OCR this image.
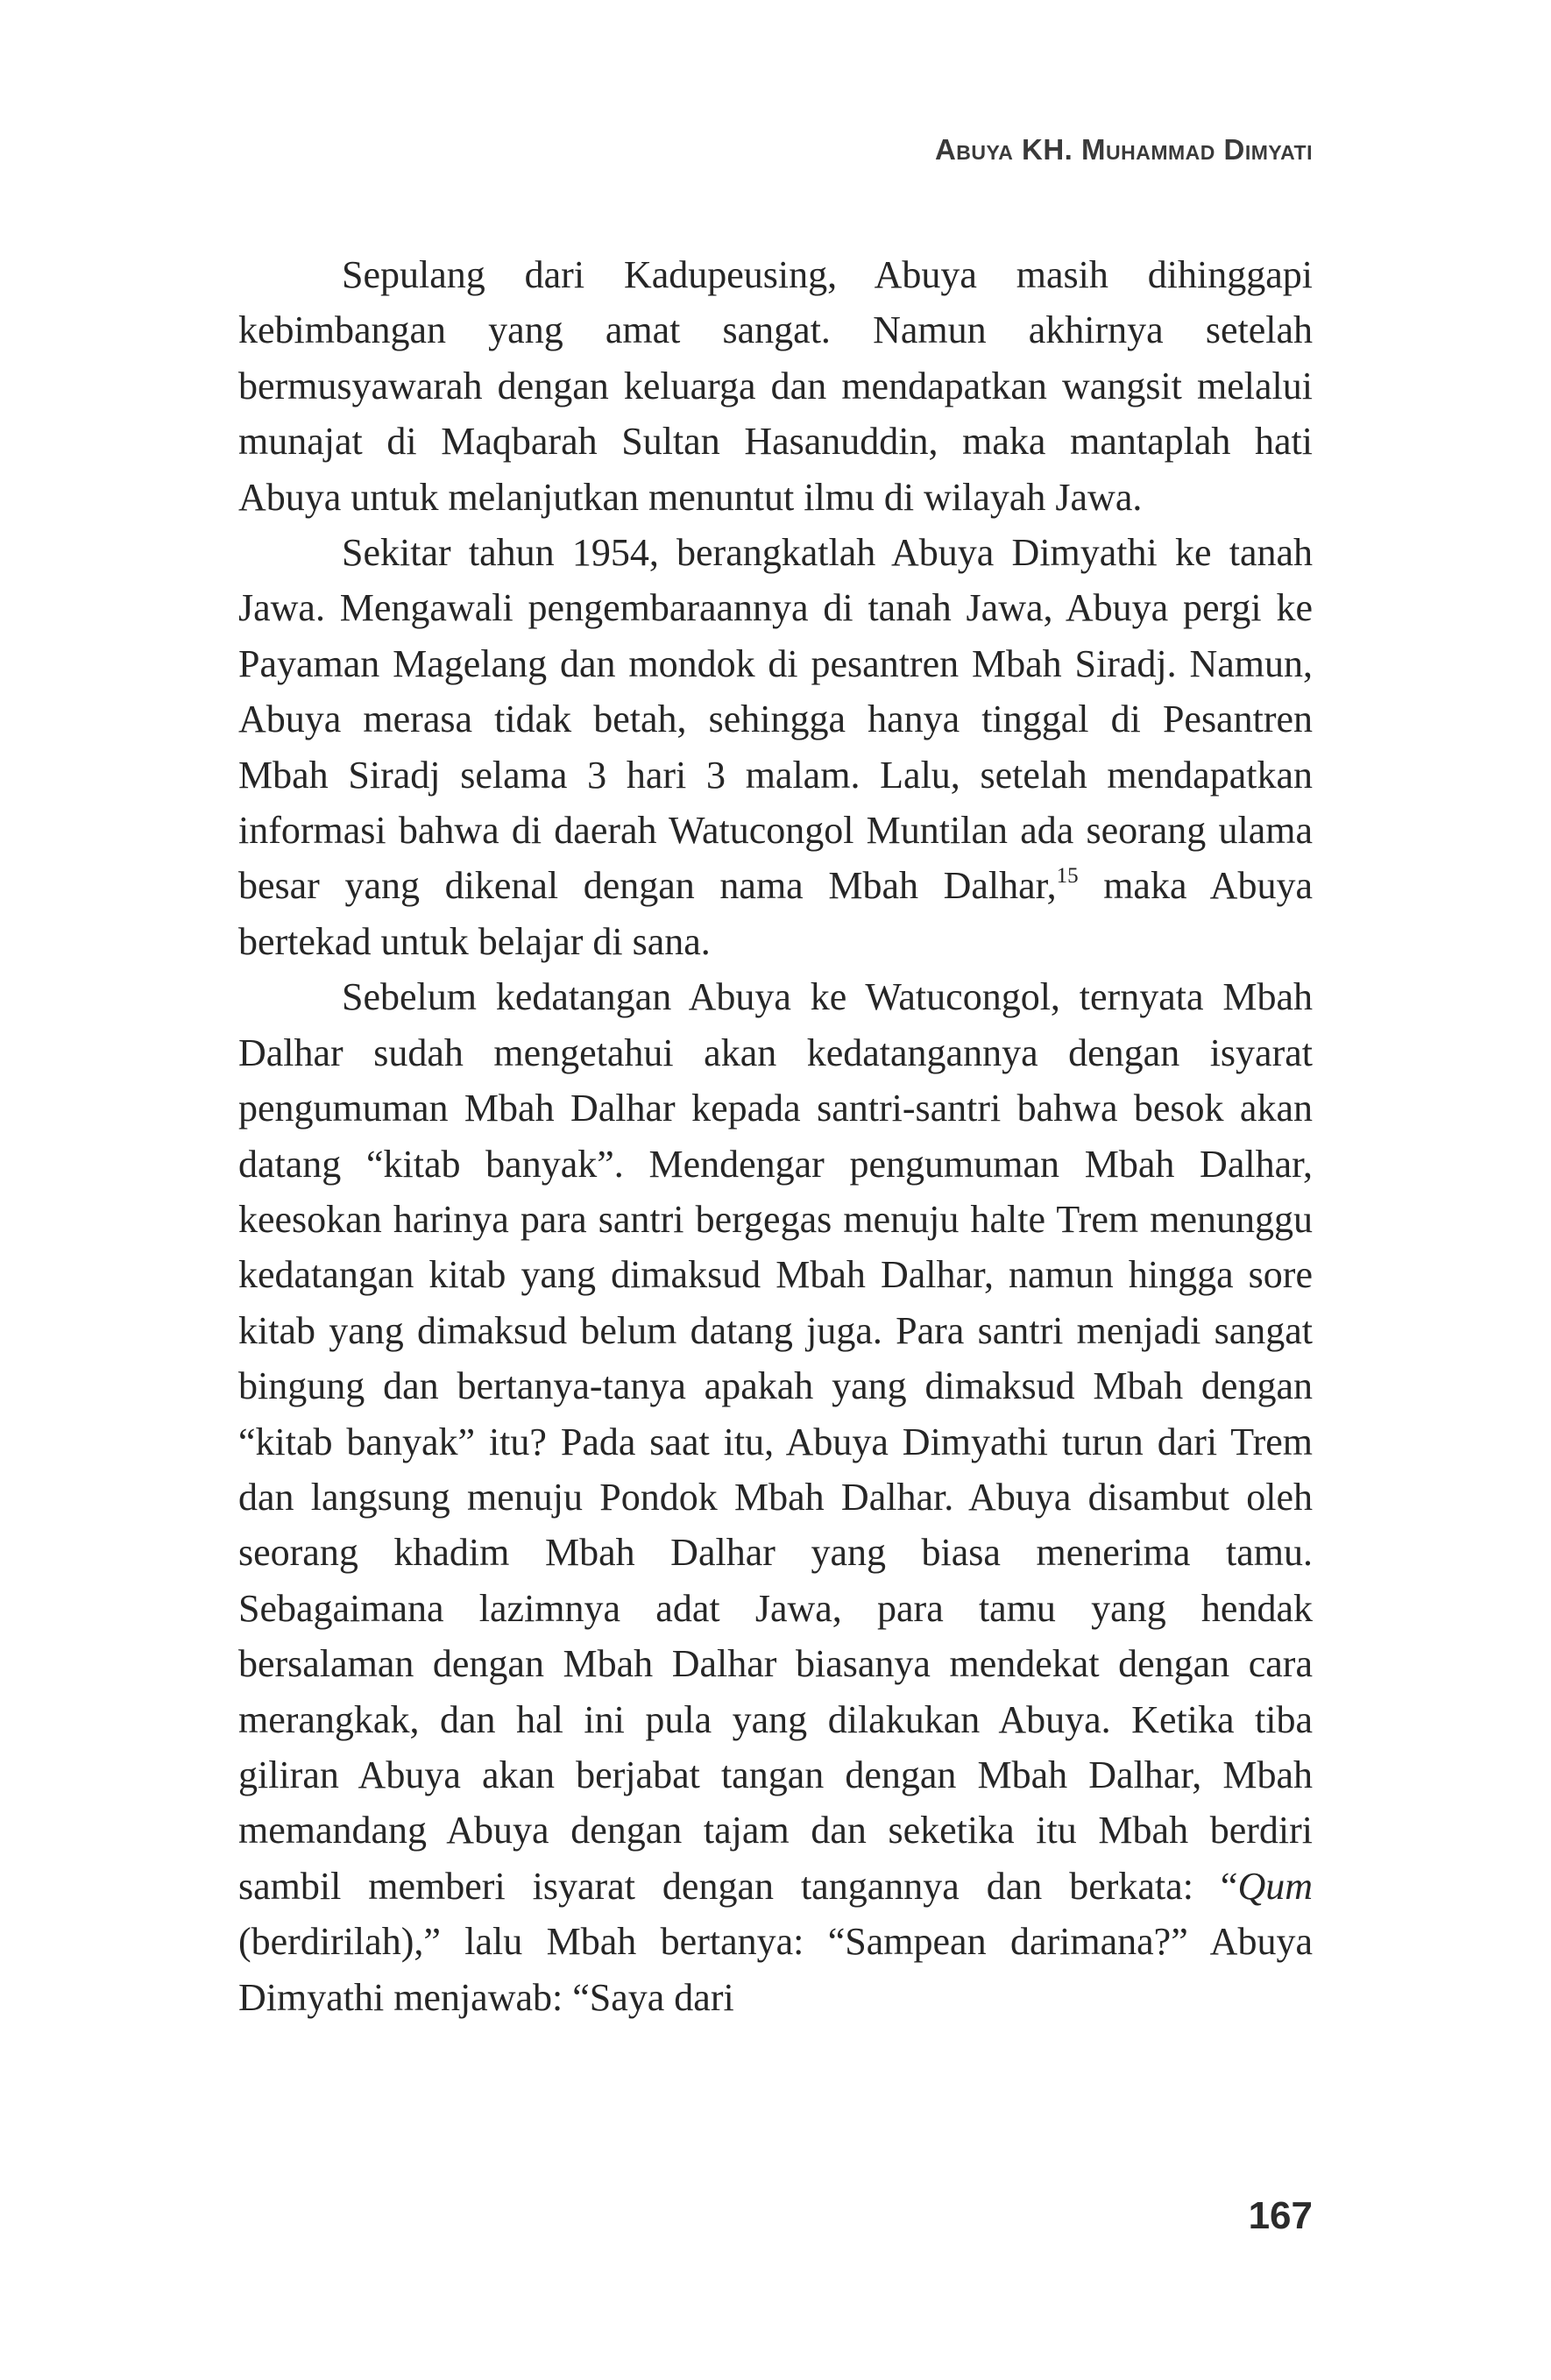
Abuya KH. Muhammad Dimyati

Sepulang dari Kadupeusing, Abuya masih dihinggapi kebimbangan yang amat sangat. Namun akhirnya setelah bermusyawarah dengan keluarga dan mendapatkan wangsit melalui munajat di Maqbarah Sultan Hasanuddin, maka mantaplah hati Abuya untuk melanjutkan menuntut ilmu di wilayah Jawa.

Sekitar tahun 1954, berangkatlah Abuya Dimyathi ke tanah Jawa. Mengawali pengembaraannya di tanah Jawa, Abuya pergi ke Payaman Magelang dan mondok di pesantren Mbah Siradj. Namun, Abuya merasa tidak betah, sehingga hanya tinggal di Pesantren Mbah Siradj selama 3 hari 3 malam. Lalu, setelah mendapatkan informasi bahwa di daerah Watucongol Muntilan ada seorang ulama besar yang dikenal dengan nama Mbah Dalhar,$^{15}$ maka Abuya bertekad untuk belajar di sana.

Sebelum kedatangan Abuya ke Watucongol, ternyata Mbah Dalhar sudah mengetahui akan kedatangannya dengan isyarat pengumuman Mbah Dalhar kepada santri-santri bahwa besok akan datang “kitab banyak”. Mendengar pengumuman Mbah Dalhar, keesokan harinya para santri bergegas menuju halte Trem menunggu kedatangan kitab yang dimaksud Mbah Dalhar, namun hingga sore kitab yang dimaksud belum datang juga. Para santri menjadi sangat bingung dan bertanya-tanya apakah yang dimaksud Mbah dengan “kitab banyak” itu? Pada saat itu, Abuya Dimyathi turun dari Trem dan langsung menuju Pondok Mbah Dalhar. Abuya disambut oleh seorang khadim Mbah Dalhar yang biasa menerima tamu. Sebagaimana lazimnya adat Jawa, para tamu yang hendak bersalaman dengan Mbah Dalhar biasanya mendekat dengan cara merangkak, dan hal ini pula yang dilakukan Abuya. Ketika tiba giliran Abuya akan berjabat tangan dengan Mbah Dalhar, Mbah memandang Abuya dengan tajam dan seketika itu Mbah berdiri sambil memberi isyarat dengan tangannya dan berkata: “Qum (berdirilah),” lalu Mbah bertanya: “Sampean darimana?” Abuya Dimyathi menjawab: “Saya dari

167
